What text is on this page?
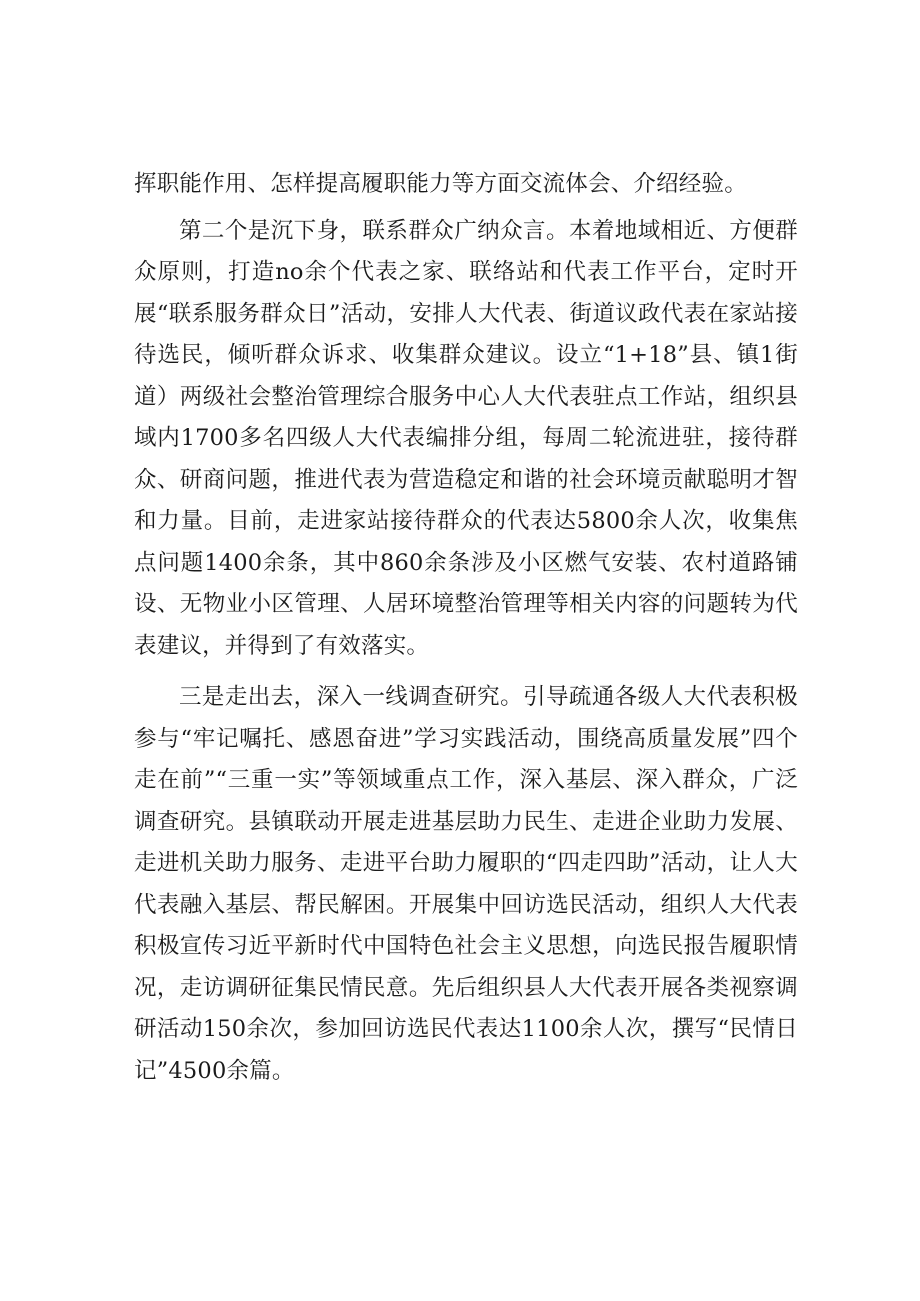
挥职能作用、怎样提高履职能力等方面交流体会、介绍经验。

第二个是沉下身，联系群众广纳众言。本着地域相近、方便群众原则，打造no余个代表之家、联络站和代表工作平台，定时开展“联系服务群众日”活动，安排人大代表、街道议政代表在家站接待选民，倾听群众诉求、收集群众建议。设立“1+18”县、镇1街道）两级社会整治管理综合服务中心人大代表驻点工作站，组织县域内1700多名四级人大代表编排分组，每周二轮流进驻，接待群众、研商问题，推进代表为营造稳定和谐的社会环境贡献聪明才智和力量。目前，走进家站接待群众的代表达5800余人次，收集焦点问题1400余条，其中860余条涉及小区燃气安装、农村道路铺设、无物业小区管理、人居环境整治管理等相关内容的问题转为代表建议，并得到了有效落实。

三是走出去，深入一线调查研究。引导疏通各级人大代表积极参与“牢记嘱托、感恩奋进”学习实践活动，围绕高质量发展”四个走在前”“三重一实”等领域重点工作，深入基层、深入群众，广泛调查研究。县镇联动开展走进基层助力民生、走进企业助力发展、走进机关助力服务、走进平台助力履职的“四走四助”活动，让人大代表融入基层、帮民解困。开展集中回访选民活动，组织人大代表积极宣传习近平新时代中国特色社会主义思想，向选民报告履职情况，走访调研征集民情民意。先后组织县人大代表开展各类视察调研活动150余次，参加回访选民代表达1100余人次，撰写“民情日记”4500余篇。
